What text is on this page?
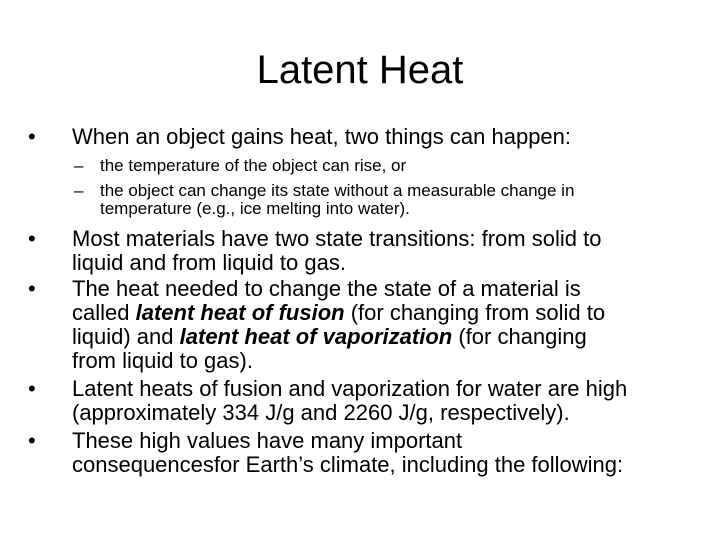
Latent Heat
• When an object gains heat, two things can happen:
– the temperature of the object can rise, or
– the object can change its state without a measurable change in
temperature (e.g., ice melting into water).
• Most materials have two state transitions: from solid to
liquid and from liquid to gas.
• The heat needed to change the state of a material is
called latent heat of fusion (for changing from solid to
liquid) and latent heat of vaporization (for changing
from liquid to gas).
• Latent heats of fusion and vaporization for water are high
(approximately 334 J/g and 2260 J/g, respectively).
• These high values have many important
consequencesfor Earth’s climate, including the following:
